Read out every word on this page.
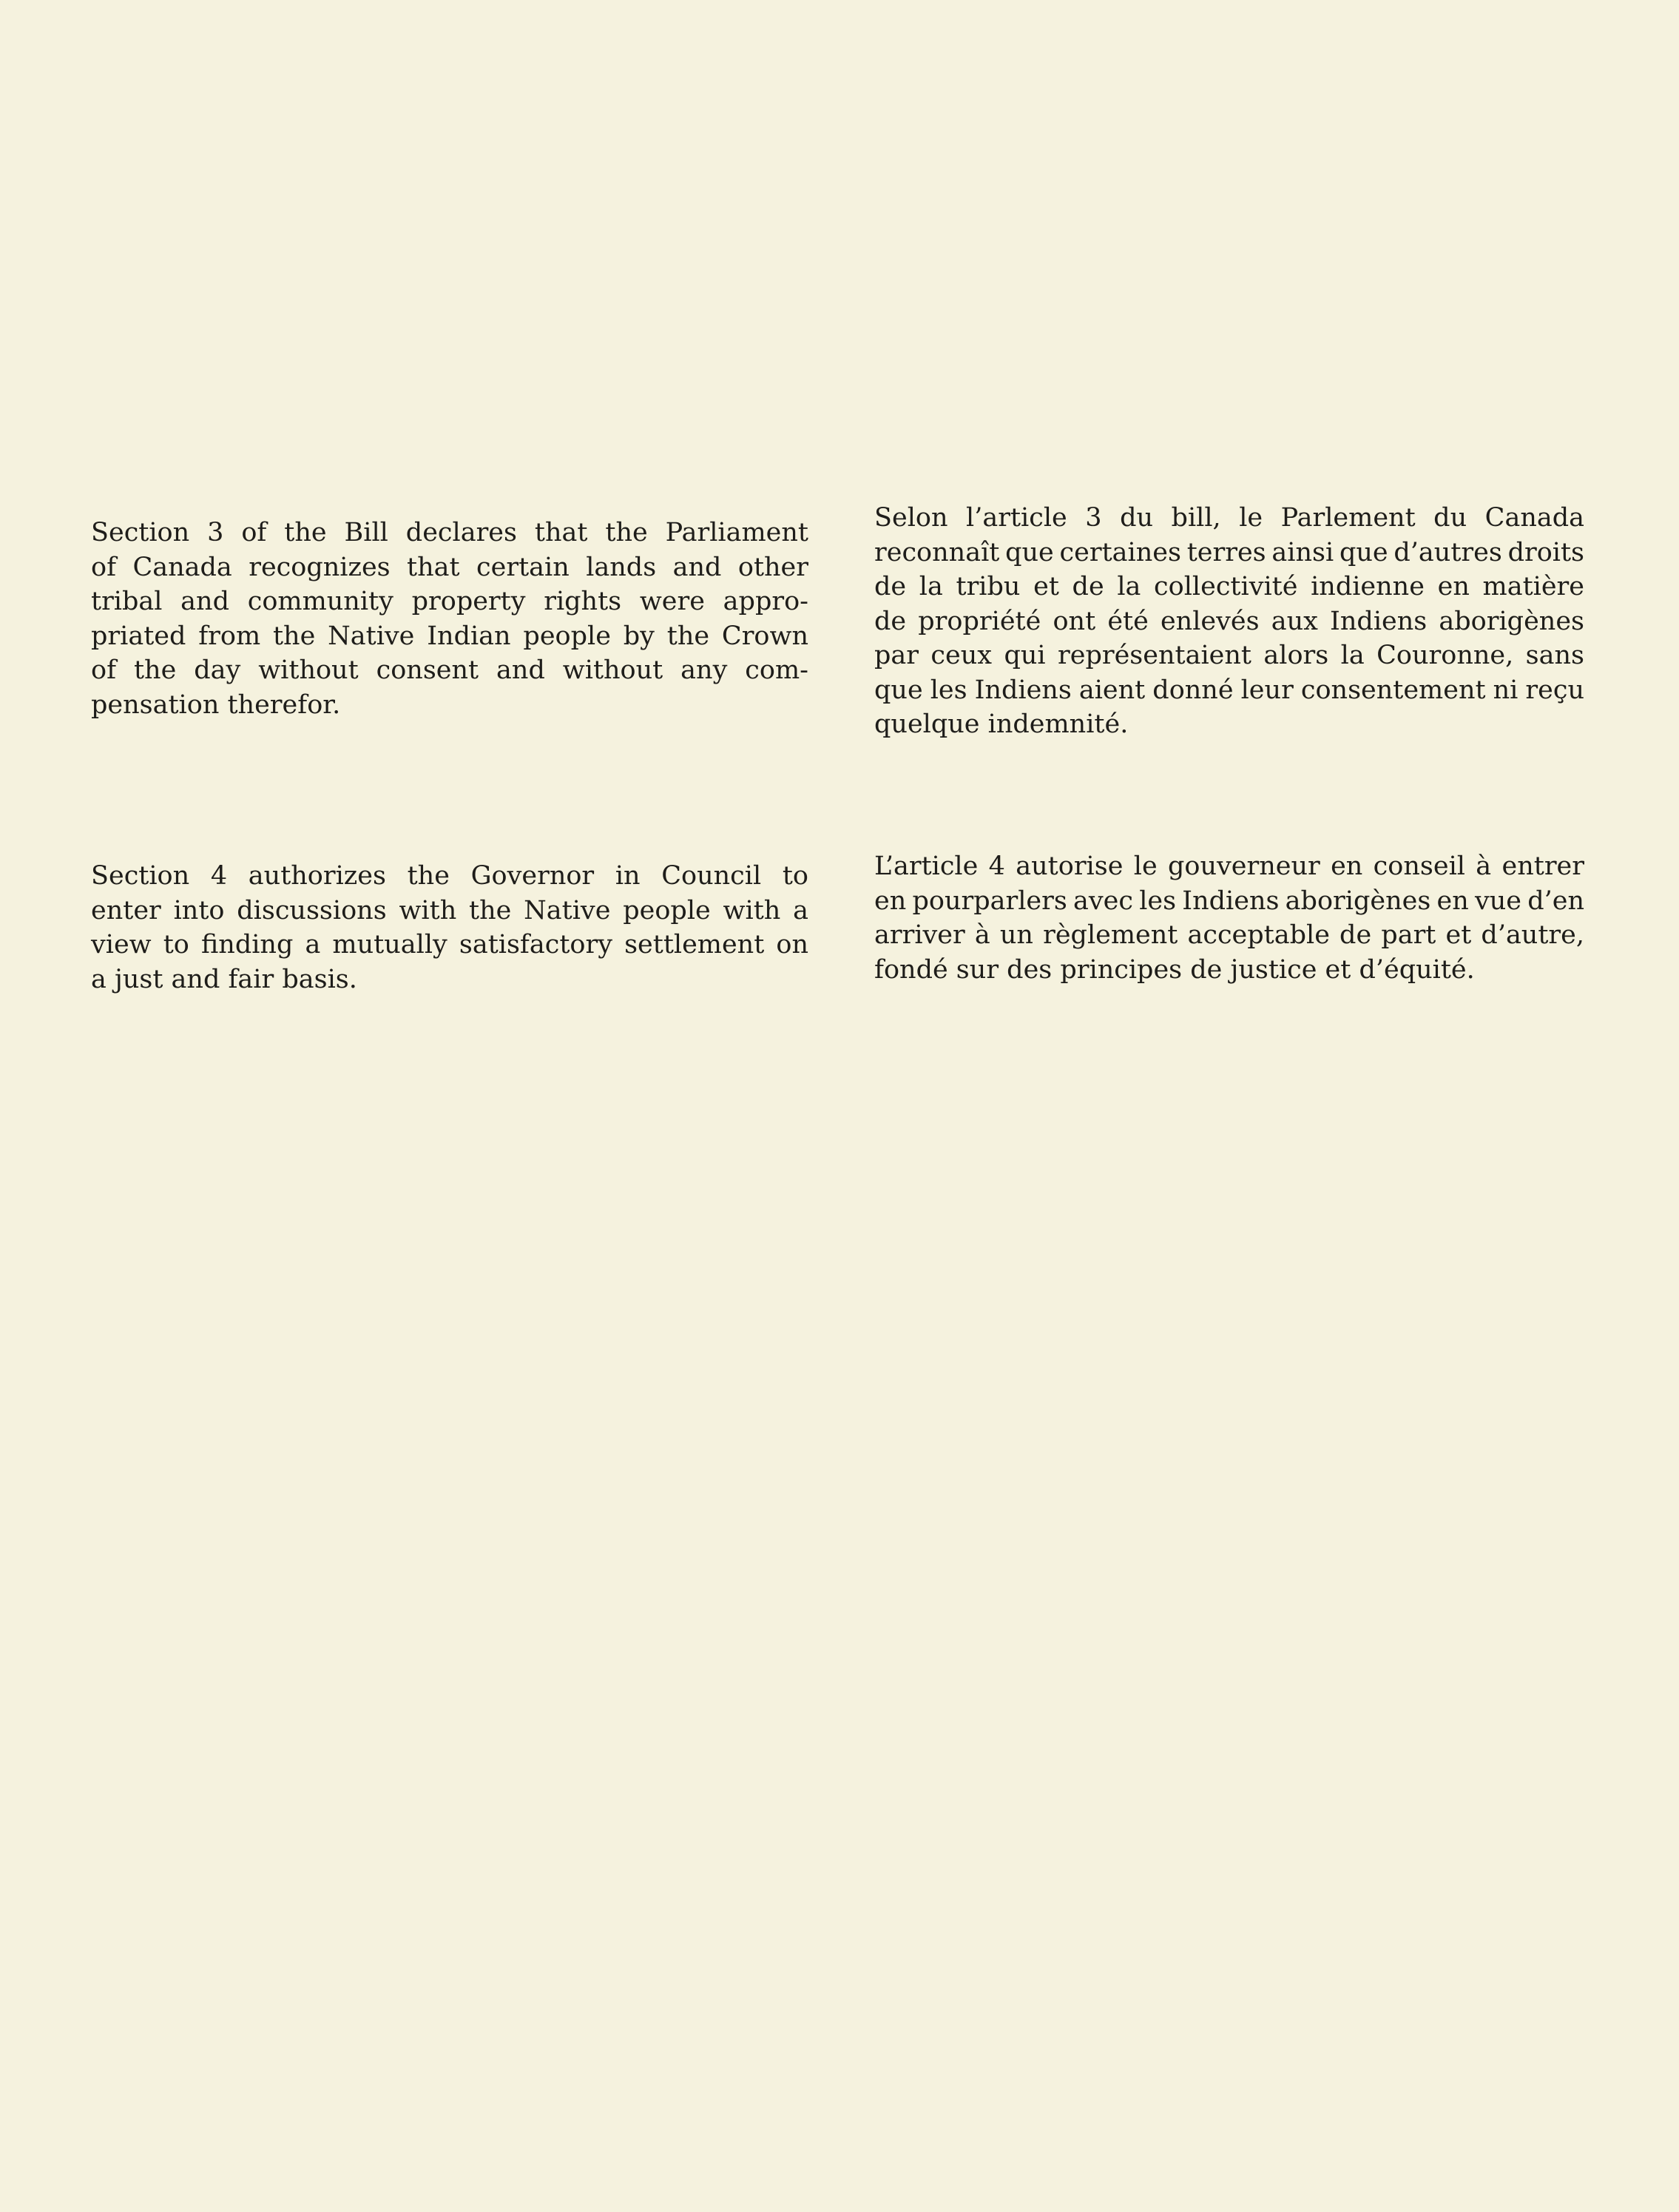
Section 3 of the Bill declares that the Parliament
of Canada recognizes that certain lands and other
tribal and community property rights were appro-
priated from the Native Indian people by the Crown
of the day without consent and without any com-
pensation therefor.
Selon l’article 3 du bill, le Parlement du Canada
reconnaît que certaines terres ainsi que d’autres droits
de la tribu et de la collectivité indienne en matière
de propriété ont été enlevés aux Indiens aborigènes
par ceux qui représentaient alors la Couronne, sans
que les Indiens aient donné leur consentement ni reçu
quelque indemnité.
Section 4 authorizes the Governor in Council to
enter into discussions with the Native people with a
view to finding a mutually satisfactory settlement on
a just and fair basis.
L’article 4 autorise le gouverneur en conseil à entrer
en pourparlers avec les Indiens aborigènes en vue d’en
arriver à un règlement acceptable de part et d’autre,
fondé sur des principes de justice et d’équité.
